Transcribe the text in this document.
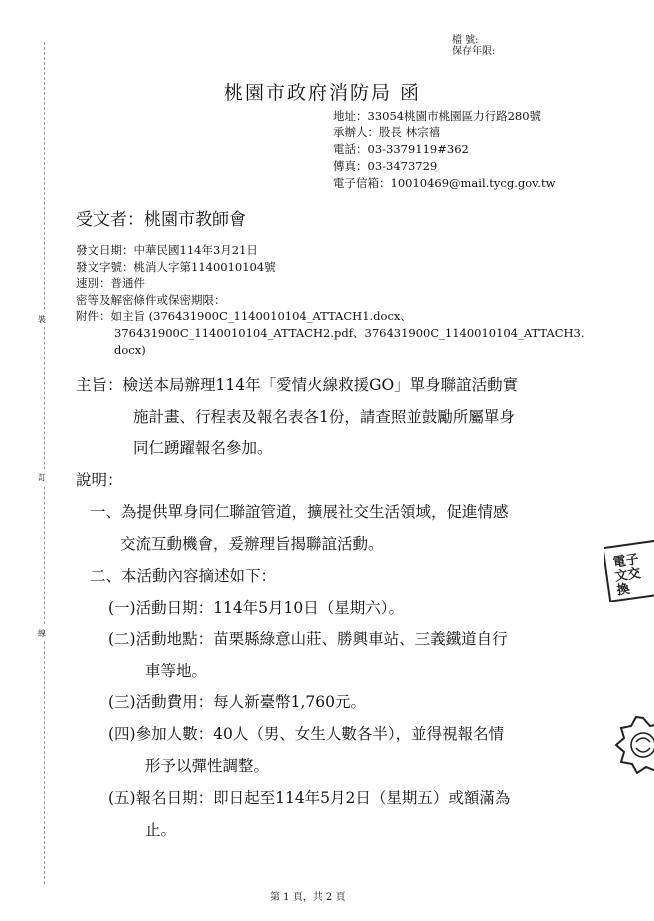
裝
訂
線
檔 號:
保存年限:
桃園市政府消防局 函
地址：33054桃園市桃園區力行路280號
承辦人：股長 林宗禧
電話：03-3379119#362
傳真：03-3473729
電子信箱：10010469@mail.tycg.gov.tw
受文者：桃園市教師會
發文日期：中華民國114年3月21日
發文字號：桃消人字第1140010104號
速別：普通件
密等及解密條件或保密期限：
附件：如主旨 (376431900C_1140010104_ATTACH1.docx、
376431900C_1140010104_ATTACH2.pdf、376431900C_1140010104_ATTACH3.
docx)
主旨：檢送本局辦理114年「愛情火線救援GO」單身聯誼活動實
施計畫、行程表及報名表各1份，請查照並鼓勵所屬單身
同仁踴躍報名參加。
說明：
一、為提供單身同仁聯誼管道，擴展社交生活領域，促進情感
交流互動機會，爰辦理旨揭聯誼活動。
二、本活動內容摘述如下：
(一)活動日期：114年5月10日（星期六）。
(二)活動地點：苗栗縣綠意山莊、勝興車站、三義鐵道自行
車等地。
(三)活動費用：每人新臺幣1,760元。
(四)參加人數：40人（男、女生人數各半），並得視報名情
形予以彈性調整。
(五)報名日期：即日起至114年5月2日（星期五）或額滿為
止。
電子
文交
換
第 1 頁，共 2 頁
